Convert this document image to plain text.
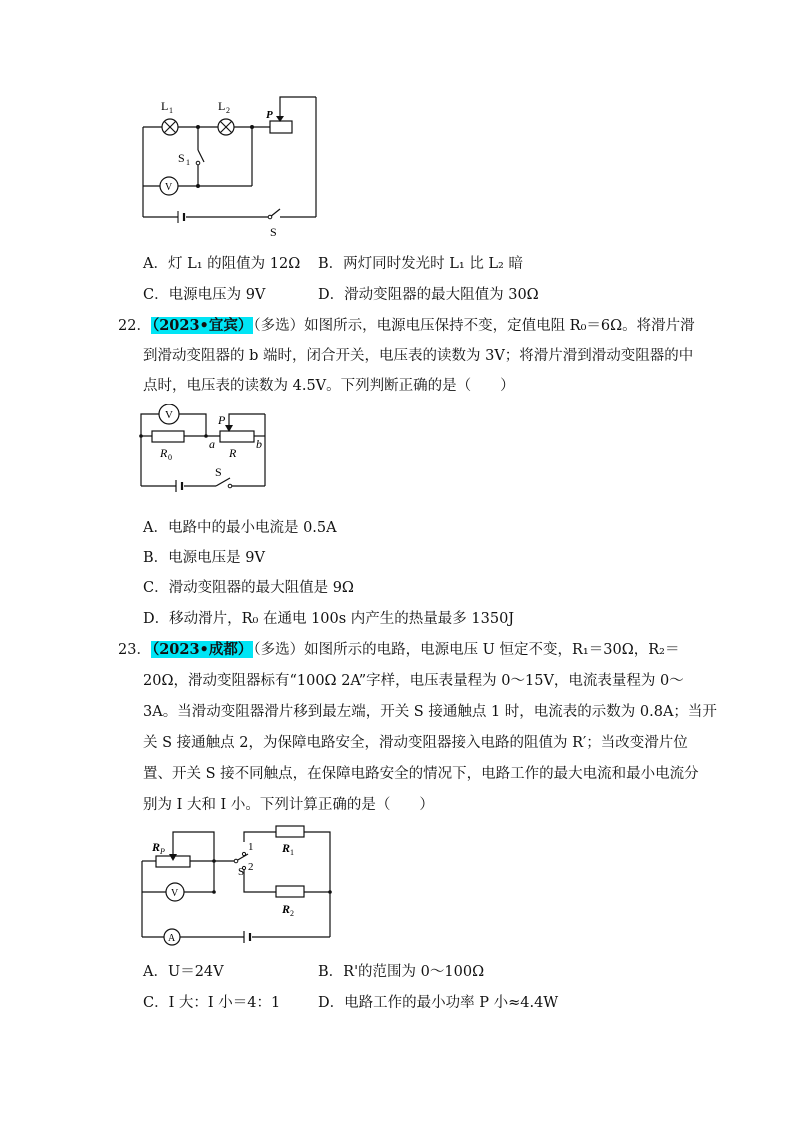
L 1	L 2	P
S 1
V
S
A．灯 L₁ 的阻值为 12Ω B．两灯同时发光时 L₁ 比 L₂ 暗
C．电源电压为 9V	D．滑动变阻器的最大阻值为 30Ω
22．（2023•宜宾）（多选）如图所示，电源电压保持不变，定值电阻 R₀＝6Ω。将滑片滑
到滑动变阻器的 b 端时，闭合开关，电压表的读数为 3V；将滑片滑到滑动变阻器的中
点时，电压表的读数为 4.5V。下列判断正确的是（　　）
V	P
a	b
R 0	R
S
A．电路中的最小电流是 0.5A
B．电源电压是 9V
C．滑动变阻器的最大阻值是 9Ω
D．移动滑片，R₀ 在通电 100s 内产生的热量最多 1350J
23．（2023•成都）（多选）如图所示的电路，电源电压 U 恒定不变，R₁＝30Ω，R₂＝
20Ω，滑动变阻器标有“100Ω 2A”字样，电压表量程为 0～15V，电流表量程为 0～
3A。当滑动变阻器滑片移到最左端，开关 S 接通触点 1 时，电流表的示数为 0.8A；当开
关 S 接通触点 2，为保障电路安全，滑动变阻器接入电路的阻值为 R′；当改变滑片位
置、开关 S 接不同触点，在保障电路安全的情况下，电路工作的最大电流和最小电流分
别为 I 大和 I 小。下列计算正确的是（　　）
R P	1
2
S
R 1
R 2
V
A
A．U＝24V	B．R'的范围为 0～100Ω
C．I 大：I 小＝4：1	D．电路工作的最小功率 P 小≈4.4W
